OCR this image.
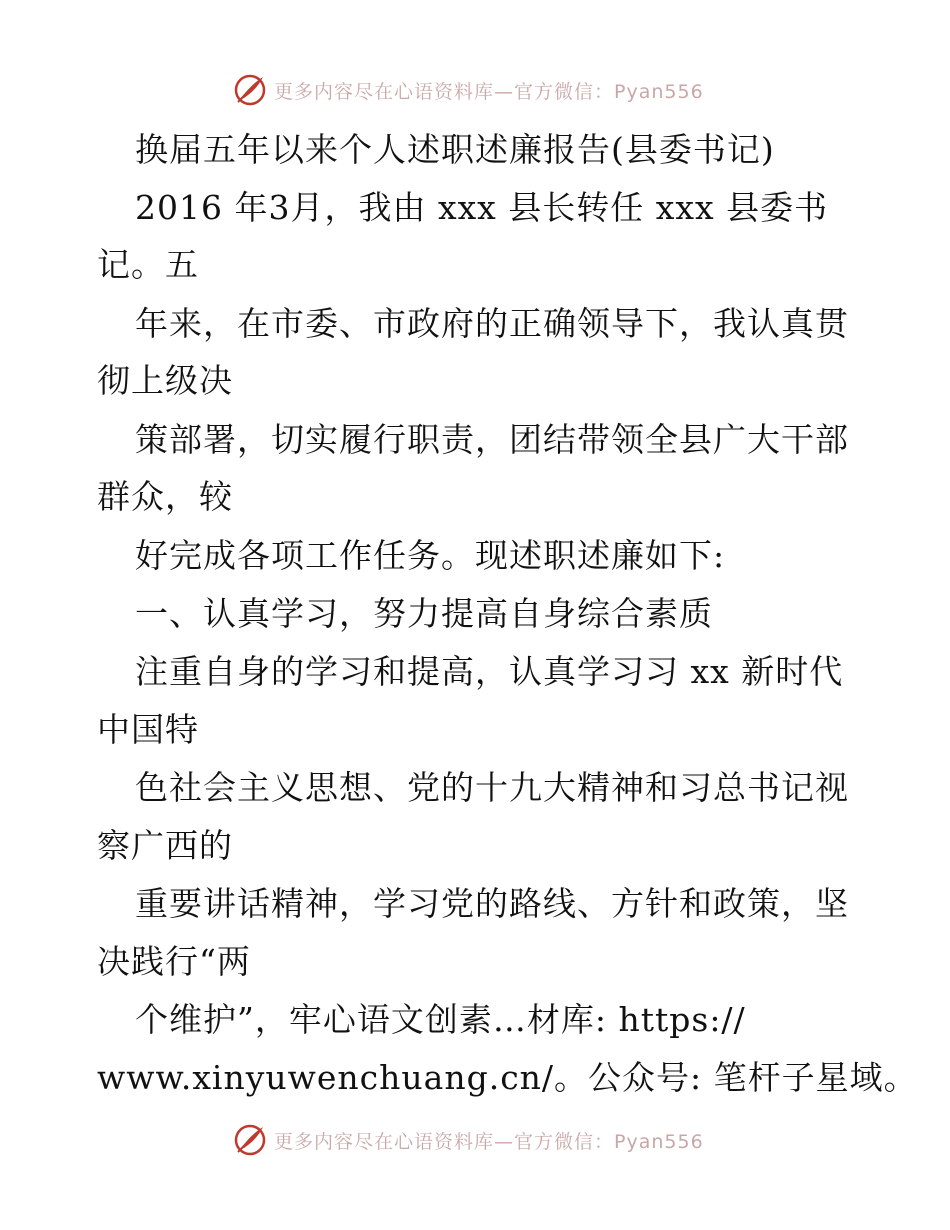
更多内容尽在心语资料库—官方微信：Pyan556
换届五年以来个人述职述廉报告(县委书记)
2016 年3月，我由 xxx 县长转任 xxx 县委书
记。五
年来，在市委、市政府的正确领导下，我认真贯
彻上级决
策部署，切实履行职责，团结带领全县广大干部
群众，较
好完成各项工作任务。现述职述廉如下:
一、认真学习，努力提高自身综合素质
注重自身的学习和提高，认真学习习 xx 新时代
中国特
色社会主义思想、党的十九大精神和习总书记视
察广西的
重要讲话精神，学习党的路线、方针和政策，坚
决践行“两
个维护”，牢心语文创素…材库: https://
www.xinyuwenchuang.cn/。公众号: 笔杆子星域。
更多内容尽在心语资料库—官方微信：Pyan556
